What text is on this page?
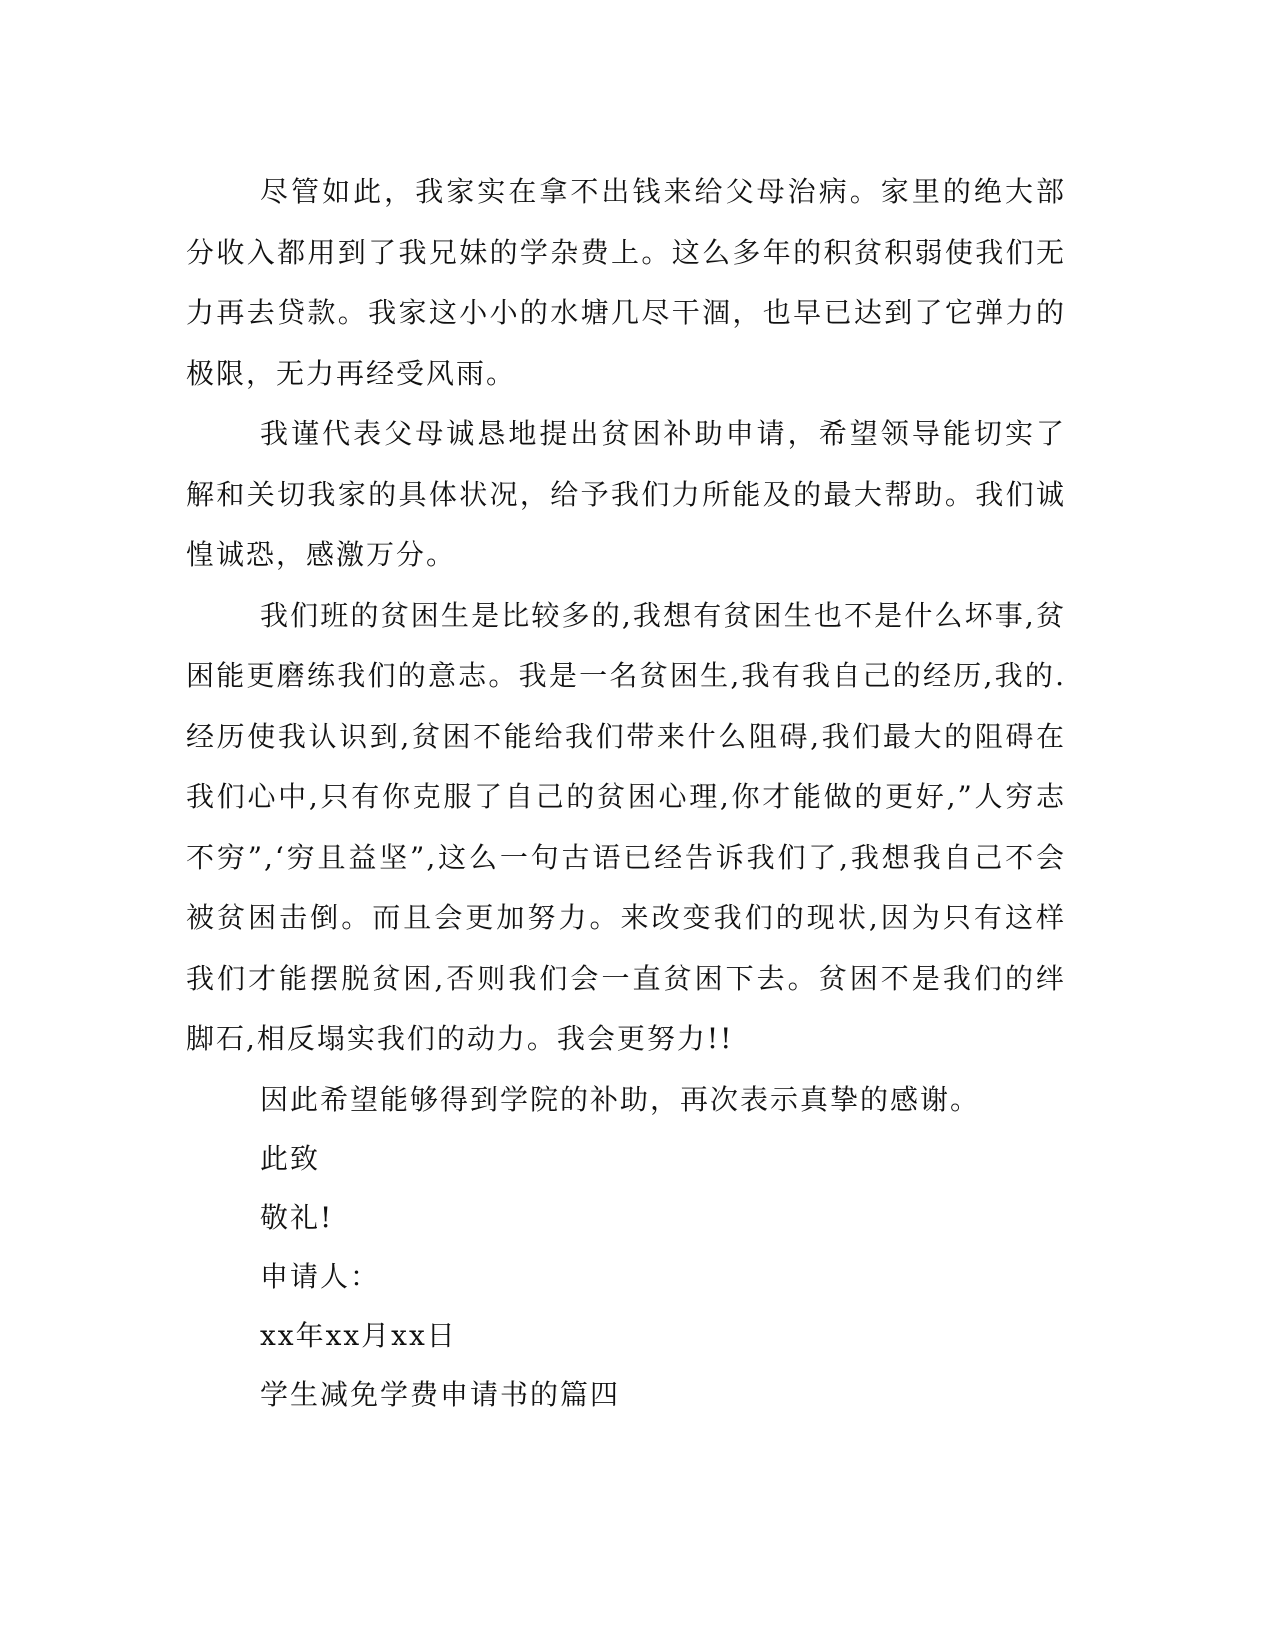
尽管如此，我家实在拿不出钱来给父母治病。家里的绝大部分收入都用到了我兄妹的学杂费上。这么多年的积贫积弱使我们无力再去贷款。我家这小小的水塘几尽干涸，也早已达到了它弹力的极限，无力再经受风雨。

我谨代表父母诚恳地提出贫困补助申请，希望领导能切实了解和关切我家的具体状况，给予我们力所能及的最大帮助。我们诚惶诚恐，感激万分。

我们班的贫困生是比较多的,我想有贫困生也不是什么坏事,贫困能更磨练我们的意志。我是一名贫困生,我有我自己的经历,我的.经历使我认识到,贫困不能给我们带来什么阻碍,我们最大的阻碍在我们心中,只有你克服了自己的贫困心理,你才能做的更好,”人穷志不穷”,‘穷且益坚”,这么一句古语已经告诉我们了,我想我自己不会被贫困击倒。而且会更加努力。来改变我们的现状,因为只有这样我们才能摆脱贫困,否则我们会一直贫困下去。贫困不是我们的绊脚石,相反塌实我们的动力。我会更努力!!

因此希望能够得到学院的补助，再次表示真挚的感谢。

此致

敬礼!

申请人：

xx年xx月xx日

学生减免学费申请书的篇四
